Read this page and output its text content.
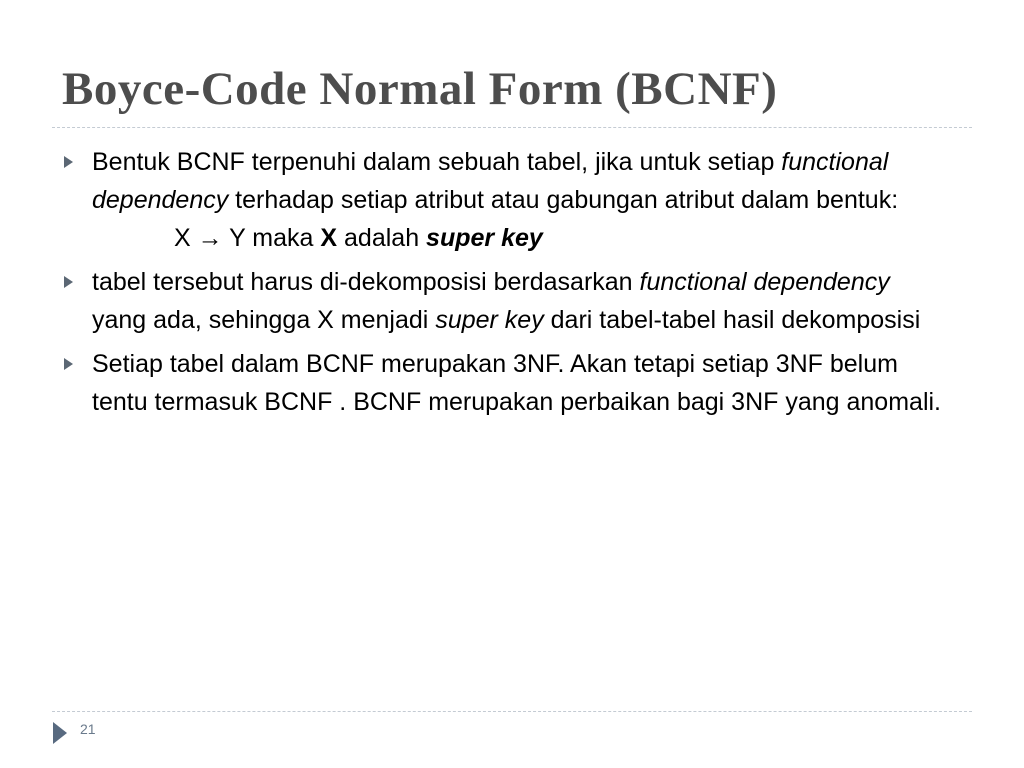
Boyce-Code Normal Form (BCNF)
Bentuk BCNF terpenuhi dalam sebuah tabel, jika untuk setiap functional dependency terhadap setiap atribut atau gabungan atribut dalam bentuk:X → Y maka X adalah super key
tabel tersebut harus di-dekomposisi berdasarkan functional dependency yang ada, sehingga X menjadi super key dari tabel-tabel hasil dekomposisi
Setiap tabel dalam BCNF merupakan 3NF. Akan tetapi setiap 3NF belum tentu termasuk BCNF . BCNF merupakan perbaikan bagi 3NF yang anomali.
21
